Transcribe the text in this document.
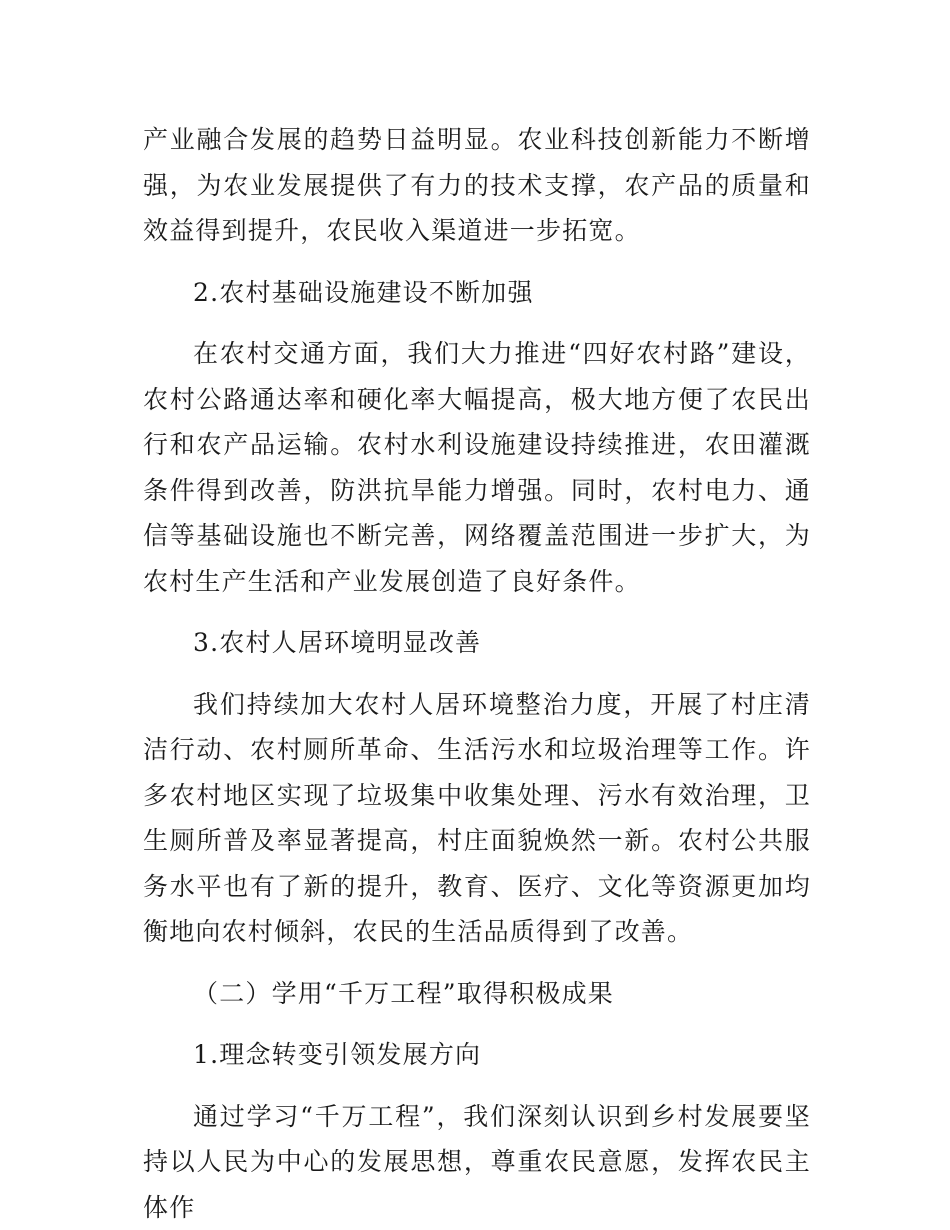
产业融合发展的趋势日益明显。农业科技创新能力不断增强，为农业发展提供了有力的技术支撑，农产品的质量和效益得到提升，农民收入渠道进一步拓宽。

2.农村基础设施建设不断加强

在农村交通方面，我们大力推进“四好农村路”建设，农村公路通达率和硬化率大幅提高，极大地方便了农民出行和农产品运输。农村水利设施建设持续推进，农田灌溉条件得到改善，防洪抗旱能力增强。同时，农村电力、通信等基础设施也不断完善，网络覆盖范围进一步扩大，为农村生产生活和产业发展创造了良好条件。

3.农村人居环境明显改善

我们持续加大农村人居环境整治力度，开展了村庄清洁行动、农村厕所革命、生活污水和垃圾治理等工作。许多农村地区实现了垃圾集中收集处理、污水有效治理，卫生厕所普及率显著提高，村庄面貌焕然一新。农村公共服务水平也有了新的提升，教育、医疗、文化等资源更加均衡地向农村倾斜，农民的生活品质得到了改善。

（二）学用“千万工程”取得积极成果

1.理念转变引领发展方向

通过学习“千万工程”，我们深刻认识到乡村发展要坚持以人民为中心的发展思想，尊重农民意愿，发挥农民主体作
